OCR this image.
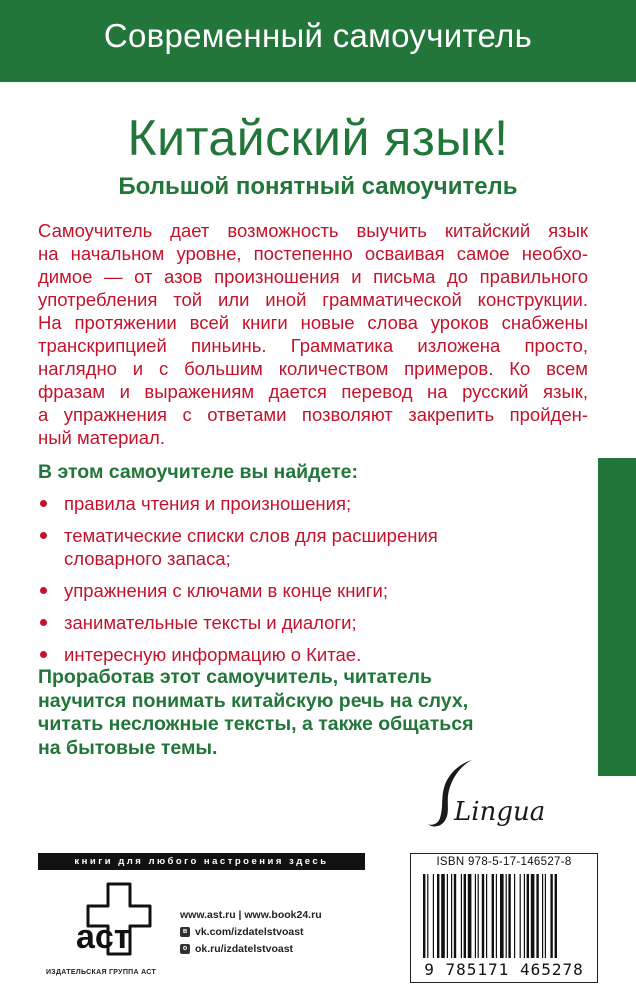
Современный самоучитель
Китайский язык!
Большой понятный самоучитель
Самоучитель дает возможность выучить китайский язык
на начальном уровне, постепенно осваивая самое необхо-
димое — от азов произношения и письма до правильного
употребления той или иной грамматической конструкции.
На протяжении всей книги новые слова уроков снабжены
транскрипцией пиньинь. Грамматика изложена просто,
наглядно и с большим количеством примеров. Ко всем
фразам и выражениям дается перевод на русский язык,
а упражнения с ответами позволяют закрепить пройден-
ный материал.
В этом самоучителе вы найдете:
правила чтения и произношения;
тематические списки слов для расширения
словарного запаса;
упражнения с ключами в конце книги;
занимательные тексты и диалоги;
интересную информацию о Китае.
Проработав этот самоучитель, читатель
научится понимать китайскую речь на слух,
читать несложные тексты, а также общаться
на бытовые темы.
Lingua
книги для любого настроения здесь
аст
ИЗДАТЕЛЬСКАЯ ГРУППА АСТ
www.ast.ru | www.book24.ru
в vk.com/izdatelstvoast
о ok.ru/izdatelstvoast
ISBN 978-5-17-146527-8
9 785171 465278
